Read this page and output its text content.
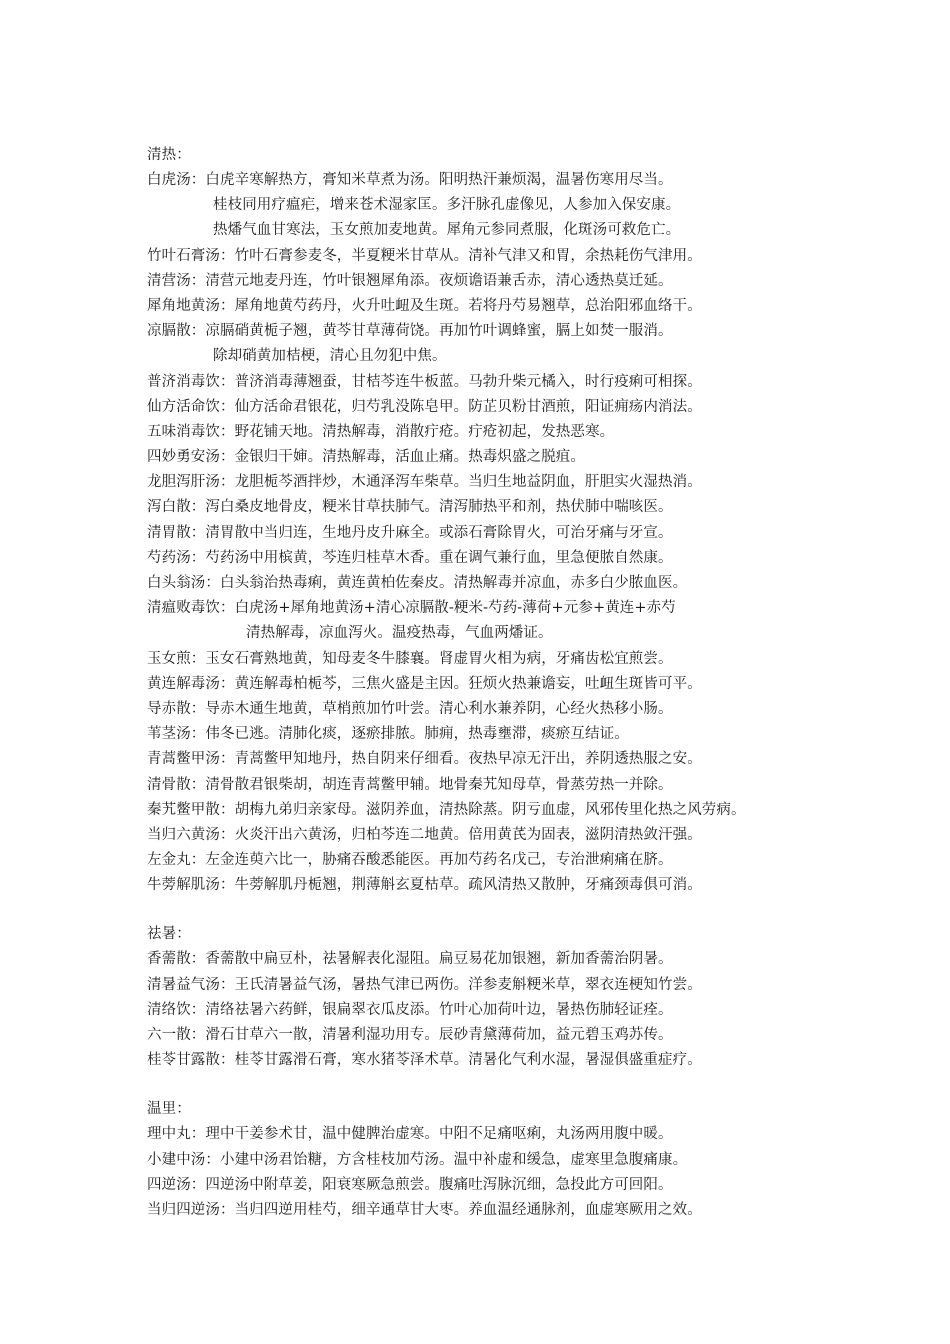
清热：
白虎汤：白虎辛寒解热方，膏知米草煮为汤。阳明热汗兼烦渴，温暑伤寒用尽当。
桂枝同用疗瘟疟，增来苍术湿家匡。多汗脉孔虚像见，人参加入保安康。
热燔气血甘寒法，玉女煎加麦地黄。犀角元参同煮服，化斑汤可救危亡。
竹叶石膏汤：竹叶石膏参麦冬，半夏粳米甘草从。清补气津又和胃，余热耗伤气津用。
清营汤：清营元地麦丹连，竹叶银翘犀角添。夜烦谵语兼舌赤，清心透热莫迁延。
犀角地黄汤：犀角地黄芍药丹，火升吐衄及生斑。若将丹芍易翘草，总治阳邪血络干。
凉膈散：凉膈硝黄栀子翘，黄芩甘草薄荷饶。再加竹叶调蜂蜜，膈上如焚一服消。
除却硝黄加桔梗，清心且勿犯中焦。
普济消毒饮：普济消毒薄翘蚕，甘桔芩连牛板蓝。马勃升柴元橘入，时行疫痢可相探。
仙方活命饮：仙方活命君银花，归芍乳没陈皂甲。防芷贝粉甘酒煎，阳证痈疡内消法。
五味消毒饮：野花铺天地。清热解毒，消散疔疮。疔疮初起，发热恶寒。
四妙勇安汤：金银归干婶。清热解毒，活血止痛。热毒炽盛之脱疽。
龙胆泻肝汤：龙胆栀芩酒拌炒，木通泽泻车柴草。当归生地益阴血，肝胆实火湿热消。
泻白散：泻白桑皮地骨皮，粳米甘草扶肺气。清泻肺热平和剂，热伏肺中喘咳医。
清胃散：清胃散中当归连，生地丹皮升麻全。或添石膏除胃火，可治牙痛与牙宣。
芍药汤：芍药汤中用槟黄，芩连归桂草木香。重在调气兼行血，里急便脓自然康。
白头翁汤：白头翁治热毒痢，黄连黄柏佐秦皮。清热解毒并凉血，赤多白少脓血医。
清瘟败毒饮：白虎汤+犀角地黄汤+清心凉膈散-粳米-芍药-薄荷+元参+黄连+赤芍
清热解毒，凉血泻火。温疫热毒，气血两燔证。
玉女煎：玉女石膏熟地黄，知母麦冬牛膝襄。肾虚胃火相为病，牙痛齿松宜煎尝。
黄连解毒汤：黄连解毒柏栀芩，三焦火盛是主因。狂烦火热兼谵妄，吐衄生斑皆可平。
导赤散：导赤木通生地黄，草梢煎加竹叶尝。清心利水兼养阴，心经火热移小肠。
苇茎汤：伟冬已逃。清肺化痰，逐瘀排脓。肺痈，热毒壅滞，痰瘀互结证。
青蒿鳖甲汤：青蒿鳖甲知地丹，热自阴来仔细看。夜热早凉无汗出，养阴透热服之安。
清骨散：清骨散君银柴胡，胡连青蒿鳖甲辅。地骨秦艽知母草，骨蒸劳热一并除。
秦艽鳖甲散：胡梅九弟归亲家母。滋阴养血，清热除蒸。阴亏血虚，风邪传里化热之风劳病。
当归六黄汤：火炎汗出六黄汤，归柏芩连二地黄。倍用黄芪为固表，滋阴清热敛汗强。
左金丸：左金连萸六比一，胁痛吞酸悉能医。再加芍药名戊己，专治泄痢痛在脐。
牛蒡解肌汤：牛蒡解肌丹栀翘，荆薄斛玄夏枯草。疏风清热又散肿，牙痛颈毒俱可消。
祛暑：
香薷散：香薷散中扁豆朴，祛暑解表化湿阻。扁豆易花加银翘，新加香薷治阴暑。
清暑益气汤：王氏清暑益气汤，暑热气津已两伤。洋参麦斛粳米草，翠衣连梗知竹尝。
清络饮：清络祛暑六药鲜，银扁翠衣瓜皮添。竹叶心加荷叶边，暑热伤肺轻证痊。
六一散：滑石甘草六一散，清暑利湿功用专。辰砂青黛薄荷加，益元碧玉鸡苏传。
桂苓甘露散：桂苓甘露滑石膏，寒水猪苓泽术草。清暑化气利水湿，暑湿俱盛重症疗。
温里：
理中丸：理中干姜参术甘，温中健脾治虚寒。中阳不足痛呕痢，丸汤两用腹中暖。
小建中汤：小建中汤君饴糖，方含桂枝加芍汤。温中补虚和缓急，虚寒里急腹痛康。
四逆汤：四逆汤中附草姜，阳衰寒厥急煎尝。腹痛吐泻脉沉细，急投此方可回阳。
当归四逆汤：当归四逆用桂芍，细辛通草甘大枣。养血温经通脉剂，血虚寒厥用之效。
